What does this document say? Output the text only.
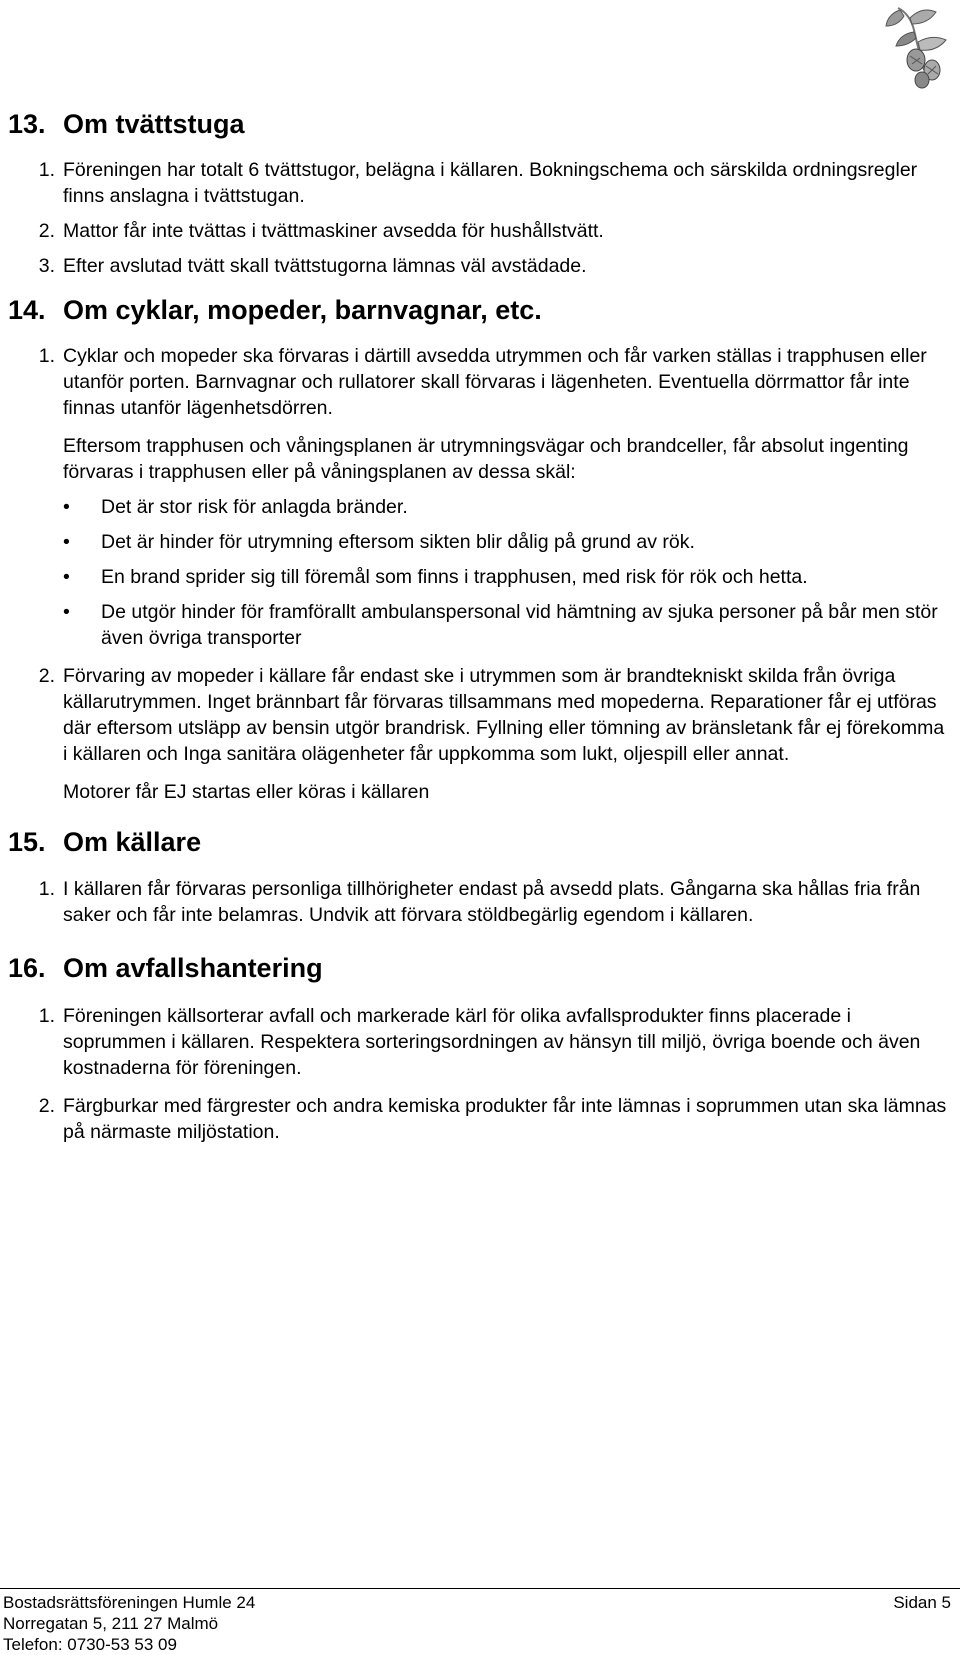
13. Om tvättstuga
1. Föreningen har totalt 6 tvättstugor, belägna i källaren. Bokningschema och särskilda ordningsregler finns anslagna i tvättstugan.
2. Mattor får inte tvättas i tvättmaskiner avsedda för hushållstvätt.
3. Efter avslutad tvätt skall tvättstugorna lämnas väl avstädade.
14. Om cyklar, mopeder, barnvagnar, etc.
1. Cyklar och mopeder ska förvaras i därtill avsedda utrymmen och får varken ställas i trapphusen eller utanför porten. Barnvagnar och rullatorer skall förvaras i lägenheten. Eventuella dörrmattor får inte finnas utanför lägenhetsdörren.
Eftersom trapphusen och våningsplanen är utrymningsvägar och brandceller, får absolut ingenting förvaras i trapphusen eller på våningsplanen av dessa skäl:
•	Det är stor risk för anlagda bränder.
•	Det är hinder för utrymning eftersom sikten blir dålig på grund av rök.
•	En brand sprider sig till föremål som finns i trapphusen, med risk för rök och hetta.
•	De utgör hinder för framförallt ambulanspersonal vid hämtning av sjuka personer på bår men stör även övriga transporter
2. Förvaring av mopeder i källare får endast ske i utrymmen som är brandtekniskt skilda från övriga källarutrymmen. Inget brännbart får förvaras tillsammans med mopederna. Reparationer får ej utföras där eftersom utsläpp av bensin utgör brandrisk. Fyllning eller tömning av bränsletank får ej förekomma i källaren och Inga sanitära olägenheter får uppkomma som lukt, oljespill eller annat.
Motorer får EJ startas eller köras i källaren
15. Om källare
1. I källaren får förvaras personliga tillhörigheter endast på avsedd plats. Gångarna ska hållas fria från saker och får inte belamras. Undvik att förvara stöldbegärlig egendom i källaren.
16. Om avfallshantering
1. Föreningen källsorterar avfall och markerade kärl för olika avfallsprodukter finns placerade i soprummen i källaren. Respektera sorteringsordningen av hänsyn till miljö, övriga boende och även kostnaderna för föreningen.
2. Färgburkar med färgrester och andra kemiska produkter får inte lämnas i soprummen utan ska lämnas på närmaste miljöstation.
Bostadsrättsföreningen Humle 24
Norregatan 5, 211 27 Malmö
Telefon: 0730-53 53 09
Sidan 5
